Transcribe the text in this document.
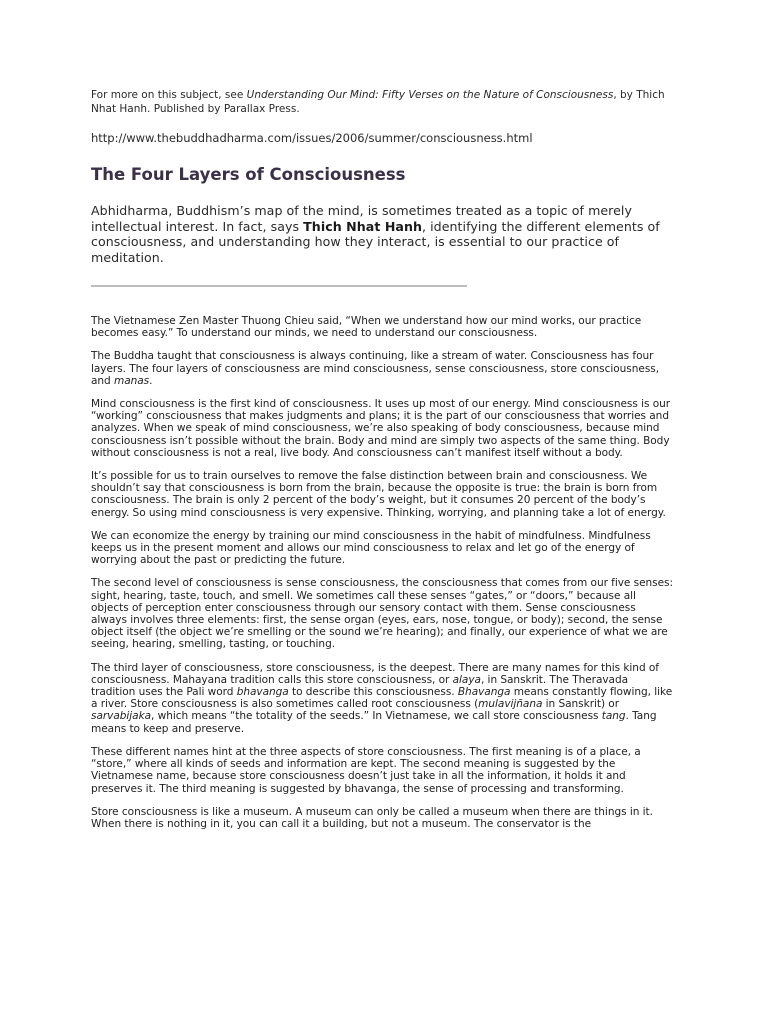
For more on this subject, see Understanding Our Mind: Fifty Verses on the Nature of Consciousness, by Thich Nhat Hanh. Published by Parallax Press.

http://www.thebuddhadharma.com/issues/2006/summer/consciousness.html

The Four Layers of Consciousness

Abhidharma, Buddhism’s map of the mind, is sometimes treated as a topic of merely intellectual interest. In fact, says Thich Nhat Hanh, identifying the different elements of consciousness, and understanding how they interact, is essential to our practice of meditation.

The Vietnamese Zen Master Thuong Chieu said, “When we understand how our mind works, our practice becomes easy.” To understand our minds, we need to understand our consciousness.

The Buddha taught that consciousness is always continuing, like a stream of water. Consciousness has four layers. The four layers of consciousness are mind consciousness, sense consciousness, store consciousness, and manas.

Mind consciousness is the first kind of consciousness. It uses up most of our energy. Mind consciousness is our “working” consciousness that makes judgments and plans; it is the part of our consciousness that worries and analyzes. When we speak of mind consciousness, we’re also speaking of body consciousness, because mind consciousness isn’t possible without the brain. Body and mind are simply two aspects of the same thing. Body without consciousness is not a real, live body. And consciousness can’t manifest itself without a body.

It’s possible for us to train ourselves to remove the false distinction between brain and consciousness. We shouldn’t say that consciousness is born from the brain, because the opposite is true: the brain is born from consciousness. The brain is only 2 percent of the body’s weight, but it consumes 20 percent of the body’s energy. So using mind consciousness is very expensive. Thinking, worrying, and planning take a lot of energy.

We can economize the energy by training our mind consciousness in the habit of mindfulness. Mindfulness keeps us in the present moment and allows our mind consciousness to relax and let go of the energy of worrying about the past or predicting the future.

The second level of consciousness is sense consciousness, the consciousness that comes from our five senses: sight, hearing, taste, touch, and smell. We sometimes call these senses “gates,” or “doors,” because all objects of perception enter consciousness through our sensory contact with them. Sense consciousness always involves three elements: first, the sense organ (eyes, ears, nose, tongue, or body); second, the sense object itself (the object we’re smelling or the sound we’re hearing); and finally, our experience of what we are seeing, hearing, smelling, tasting, or touching.

The third layer of consciousness, store consciousness, is the deepest. There are many names for this kind of consciousness. Mahayana tradition calls this store consciousness, or alaya, in Sanskrit. The Theravada tradition uses the Pali word bhavanga to describe this consciousness. Bhavanga means constantly flowing, like a river. Store consciousness is also sometimes called root consciousness (mulavijñana in Sanskrit) or sarvabijaka, which means “the totality of the seeds.” In Vietnamese, we call store consciousness tang. Tang means to keep and preserve.

These different names hint at the three aspects of store consciousness. The first meaning is of a place, a “store,” where all kinds of seeds and information are kept. The second meaning is suggested by the Vietnamese name, because store consciousness doesn’t just take in all the information, it holds it and preserves it. The third meaning is suggested by bhavanga, the sense of processing and transforming.

Store consciousness is like a museum. A museum can only be called a museum when there are things in it. When there is nothing in it, you can call it a building, but not a museum. The conservator is the
